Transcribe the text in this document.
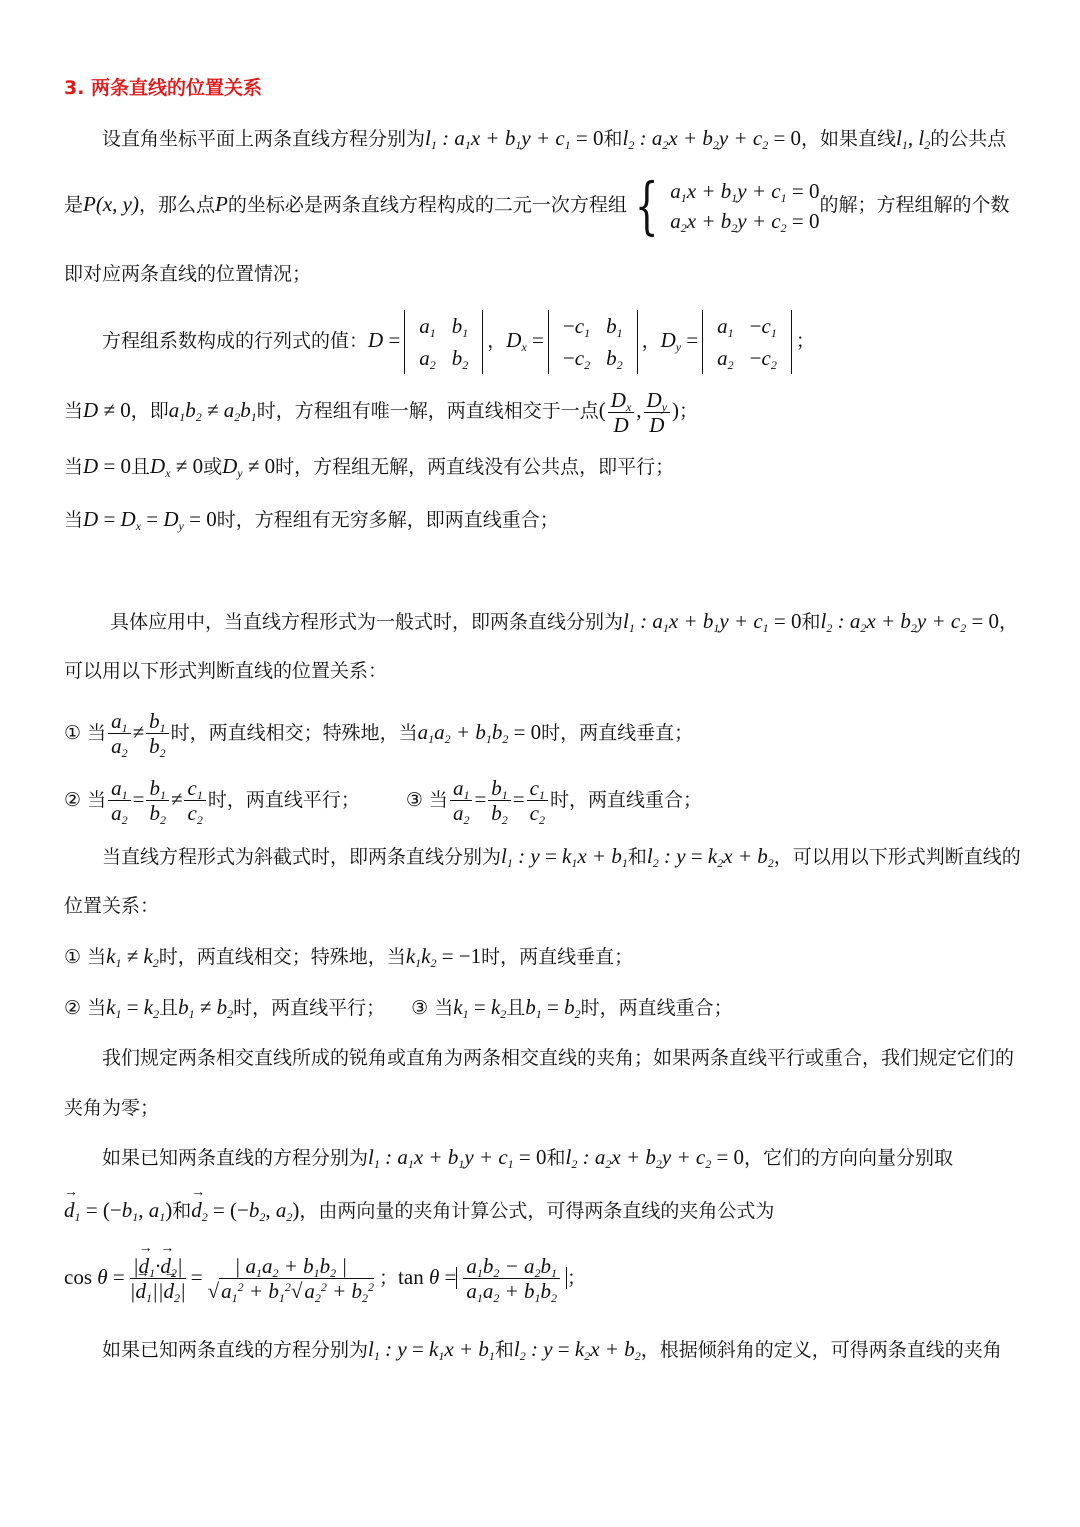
3. 两条直线的位置关系
设直角坐标平面上两条直线方程分别为$l_1$ : $a_1x + b_1y + c_1 = 0$和$l_2$ : $a_2x + b_2y + c_2 = 0$，如果直线$l_1$, $l_2$的公共点
是P(x, y)，那么点P的坐标必是两条直线方程构成的二元一次方程组 { $a_1x + b_1y + c_1 = 0$
$a_2x + b_2y + c_2 = 0$
的解；方程组解的个数
即对应两条直线的位置情况；
方程组系数构成的行列式的值：D =
$a_1$	$b_1$
$a_2$	$b_2$
，$D_x$ =
$-c_1$	$b_1$
$-c_2$	$b_2$
，$D_y$ =
$a_1$	$-c_1$
$a_2$	$-c_2$
；
当D ≠ 0，即$a_1b_2 \ne a_2b_1$时，方程组有唯一解，两直线相交于一点( $\frac{D_x}{D}$ , $\frac{D_y}{D}$ )；
当D = 0且$D_x \ne 0$或$D_y \ne 0$时，方程组无解，两直线没有公共点，即平行；
当$D = D_x = D_y = 0$时，方程组有无穷多解，即两直线重合；
具体应用中，当直线方程形式为一般式时，即两条直线分别为$l_1$ : $a_1x + b_1y + c_1 = 0$和$l_2$ : $a_2x + b_2y + c_2 = 0$，
可以用以下形式判断直线的位置关系：
① 当 $\frac{a_1}{a_2} \ne \frac{b_1}{b_2}$ 时，两直线相交；特殊地，当$a_1a_2 + b_1b_2 = 0$时，两直线垂直；
② 当 $\frac{a_1}{a_2} = \frac{b_1}{b_2} \ne \frac{c_1}{c_2}$ 时，两直线平行； ③ 当 $\frac{a_1}{a_2} = \frac{b_1}{b_2} = \frac{c_1}{c_2}$ 时，两直线重合；
当直线方程形式为斜截式时，即两条直线分别为$l_1$ : $y = k_1x + b_1$和$l_2$ : $y = k_2x + b_2$，可以用以下形式判断直线的
位置关系：
① 当$k_1 \ne k_2$时，两直线相交；特殊地，当$k_1k_2 = -1$时，两直线垂直；
② 当$k_1 = k_2$且$b_1 \ne b_2$时，两直线平行； ③ 当$k_1 = k_2$且$b_1 = b_2$时，两直线重合；
我们规定两条相交直线所成的锐角或直角为两条相交直线的夹角；如果两条直线平行或重合，我们规定它们的
夹角为零；
如果已知两条直线的方程分别为$l_1$ : $a_1x + b_1y + c_1 = 0$和$l_2$ : $a_2x + b_2y + c_2 = 0$，它们的方向向量分别取
→ $d_1 = (-b_1$, $a_1$)和→ $d_2 = (-b_2$, $a_2$)，由两向量的夹角计算公式，可得两条直线的夹角公式为
$\cos \theta = \frac{|\to d_1\cdot\to d_2|}{|\to d_1||\to d_2|} = \frac{| a_1a_2 + b_1b_2 |}{√a_1^2 + b_1^2√a_2^2 + b_2^2}$ ；$\tan \theta = \frac{a_1b_2 - a_2b_1}{a_1a_2 + b_1b_2}$ ；
如果已知两条直线的方程分别为$l_1$ : $y = k_1x + b_1$和$l_2$ : $y = k_2x + b_2$，根据倾斜角的定义，可得两条直线的夹角
